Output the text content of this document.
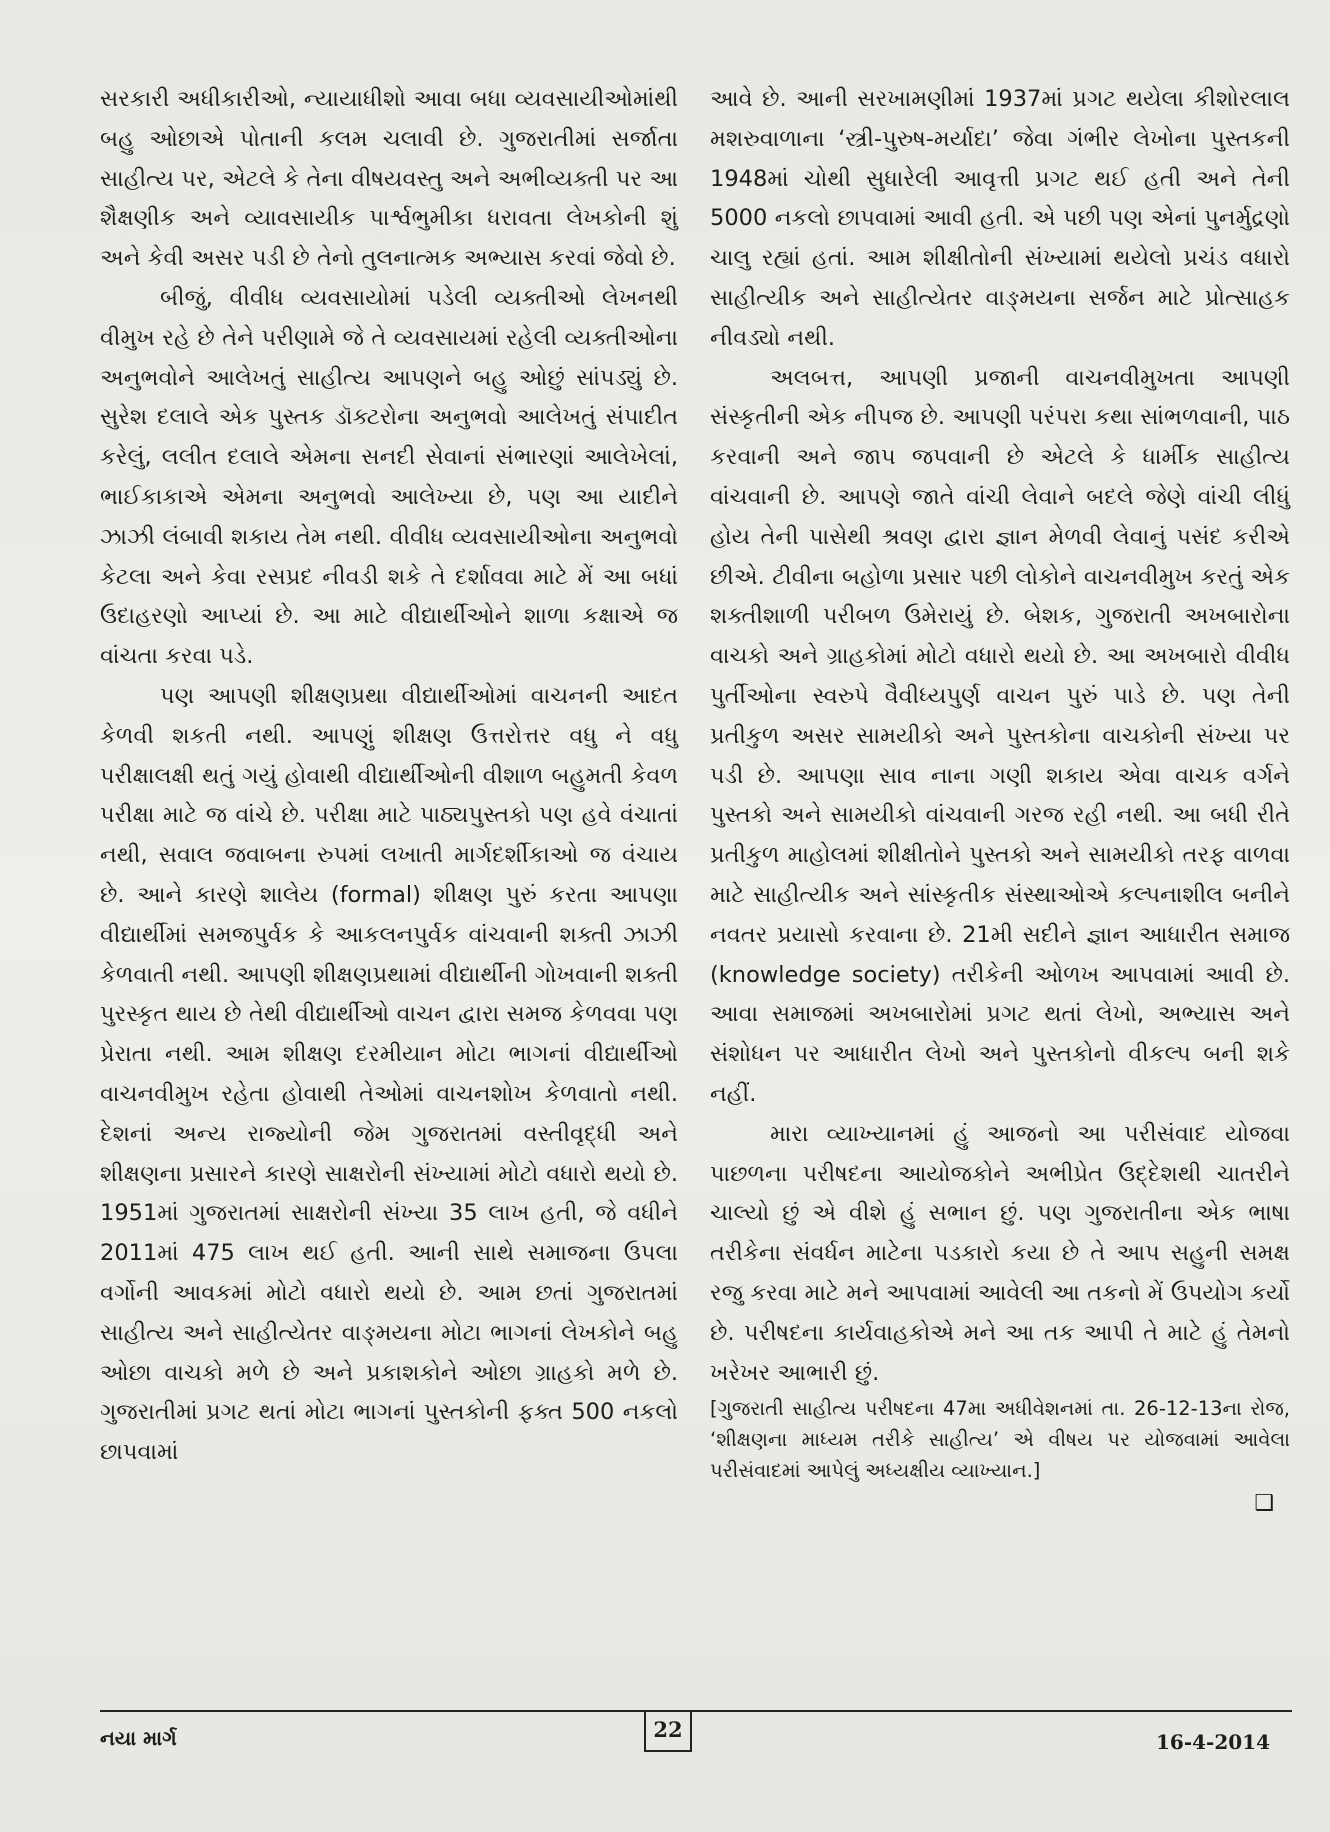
સરકારી અધીકારીઓ, ન્યાયાધીશો આવા બધા વ્યવસાયીઓમાંથી બહુ ઓછાએ પોતાની કલમ ચલાવી છે. ગુજરાતીમાં સર્જાતા સાહીત્ય પર, એટલે કે તેના વીષયવસ્તુ અને અભીવ્યક્તી પર આ શૈક્ષણીક અને વ્યાવસાયીક પાર્શ્વભુમીકા ધરાવતા લેખકોની શું અને કેવી અસર પડી છે તેનો તુલનાત્મક અભ્યાસ કરવાં જેવો છે.

બીજું, વીવીધ વ્યવસાયોમાં પડેલી વ્યક્તીઓ લેખનથી વીમુખ રહે છે તેને પરીણામે જે તે વ્યવસાયમાં રહેલી વ્યક્તીઓના અનુભવોને આલેખતું સાહીત્ય આપણને બહુ ઓછું સાંપડ્યું છે. સુરેશ દલાલે એક પુસ્તક ડૉક્ટરોના અનુભવો આલેખતું સંપાદીત કરેલું, લલીત દલાલે એમના સનદી સેવાનાં સંભારણાં આલેખેલાં, ભાઈકાકાએ એમના અનુભવો આલેખ્યા છે, પણ આ યાદીને ઝાઝી લંબાવી શકાય તેમ નથી. વીવીધ વ્યવસાયીઓના અનુભવો કેટલા અને કેવા રસપ્રદ નીવડી શકે તે દર્શાવવા માટે મેં આ બધાં ઉદાહરણો આપ્યાં છે. આ માટે વીદ્યાર્થીઓને શાળા કક્ષાએ જ વાંચતા કરવા પડે.

પણ આપણી શીક્ષણપ્રથા વીદ્યાર્થીઓમાં વાચનની આદત કેળવી શકતી નથી. આપણું શીક્ષણ ઉત્તરોત્તર વધુ ને વધુ પરીક્ષાલક્ષી થતું ગયું હોવાથી વીદ્યાર્થીઓની વીશાળ બહુમતી કેવળ પરીક્ષા માટે જ વાંચે છે. પરીક્ષા માટે પાઠ્યપુસ્તકો પણ હવે વંચાતાં નથી, સવાલ જવાબના રુપમાં લખાતી માર્ગદર્શીકાઓ જ વંચાય છે. આને કારણે શાલેય (formal) શીક્ષણ પુરું કરતા આપણા વીદ્યાર્થીમાં સમજપુર્વક કે આકલનપુર્વક વાંચવાની શક્તી ઝાઝી કેળવાતી નથી. આપણી શીક્ષણપ્રથામાં વીદ્યાર્થીની ગોખવાની શક્તી પુરસ્કૃત થાય છે તેથી વીદ્યાર્થીઓ વાચન દ્વારા સમજ કેળવવા પણ પ્રેરાતા નથી. આમ શીક્ષણ દરમીયાન મોટા ભાગનાં વીદ્યાર્થીઓ વાચનવીમુખ રહેતા હોવાથી તેઓમાં વાચનશોખ કેળવાતો નથી. દેશનાં અન્ય રાજ્યોની જેમ ગુજરાતમાં વસ્તીવૃદ્ધી અને શીક્ષણના પ્રસારને કારણે સાક્ષરોની સંખ્યામાં મોટો વધારો થયો છે. 1951માં ગુજરાતમાં સાક્ષરોની સંખ્યા 35 લાખ હતી, જે વધીને 2011માં 475 લાખ થઈ હતી. આની સાથે સમાજના ઉપલા વર્ગોની આવકમાં મોટો વધારો થયો છે. આમ છતાં ગુજરાતમાં સાહીત્ય અને સાહીત્યેતર વાઙ્મયના મોટા ભાગનાં લેખકોને બહુ ઓછા વાચકો મળે છે અને પ્રકાશકોને ઓછા ગ્રાહકો મળે છે. ગુજરાતીમાં પ્રગટ થતાં મોટા ભાગનાં પુસ્તકોની ફક્ત 500 નકલો છાપવામાં

આવે છે. આની સરખામણીમાં 1937માં પ્રગટ થયેલા કીશોરલાલ મશરુવાળાના ‘સ્ત્રી-પુરુષ-મર્યાદા’ જેવા ગંભીર લેખોના પુસ્તકની 1948માં ચોથી સુધારેલી આવૃત્તી પ્રગટ થઈ હતી અને તેની 5000 નકલો છાપવામાં આવી હતી. એ પછી પણ એનાં પુનર્મુદ્રણો ચાલુ રહ્યાં હતાં. આમ શીક્ષીતોની સંખ્યામાં થયેલો પ્રચંડ વધારો સાહીત્યીક અને સાહીત્યેતર વાઙ્મયના સર્જન માટે પ્રોત્સાહક નીવડ્યો નથી.

અલબત્ત, આપણી પ્રજાની વાચનવીમુખતા આપણી સંસ્કૃતીની એક નીપજ છે. આપણી પરંપરા કથા સાંભળવાની, પાઠ કરવાની અને જાપ જપવાની છે એટલે કે ધાર્મીક સાહીત્ય વાંચવાની છે. આપણે જાતે વાંચી લેવાને બદલે જેણે વાંચી લીધું હોય તેની પાસેથી શ્રવણ દ્વારા જ્ઞાન મેળવી લેવાનું પસંદ કરીએ છીએ. ટીવીના બહોળા પ્રસાર પછી લોકોને વાચનવીમુખ કરતું એક શક્તીશાળી પરીબળ ઉમેરાયું છે. બેશક, ગુજરાતી અખબારોના વાચકો અને ગ્રાહકોમાં મોટો વધારો થયો છે. આ અખબારો વીવીધ પુર્તીઓના સ્વરુપે વૈવીધ્યપુર્ણ વાચન પુરું પાડે છે. પણ તેની પ્રતીકુળ અસર સામયીકો અને પુસ્તકોના વાચકોની સંખ્યા પર પડી છે. આપણા સાવ નાના ગણી શકાય એવા વાચક વર્ગને પુસ્તકો અને સામયીકો વાંચવાની ગરજ રહી નથી. આ બધી રીતે પ્રતીકુળ માહોલમાં શીક્ષીતોને પુસ્તકો અને સામયીકો તરફ વાળવા માટે સાહીત્યીક અને સાંસ્કૃતીક સંસ્થાઓએ કલ્પનાશીલ બનીને નવતર પ્રયાસો કરવાના છે. 21મી સદીને જ્ઞાન આધારીત સમાજ (knowledge society) તરીકેની ઓળખ આપવામાં આવી છે. આવા સમાજમાં અખબારોમાં પ્રગટ થતાં લેખો, અભ્યાસ અને સંશોધન પર આધારીત લેખો અને પુસ્તકોનો વીકલ્પ બની શકે નહીં.

મારા વ્યાખ્યાનમાં હું આજનો આ પરીસંવાદ યોજવા પાછળના પરીષદના આયોજકોને અભીપ્રેત ઉદ્દેશથી ચાતરીને ચાલ્યો છું એ વીશે હું સભાન છું. પણ ગુજરાતીના એક ભાષા તરીકેના સંવર્ધન માટેના પડકારો કયા છે તે આપ સહુની સમક્ષ રજુ કરવા માટે મને આપવામાં આવેલી આ તકનો મેં ઉપયોગ કર્યો છે. પરીષદના કાર્યવાહકોએ મને આ તક આપી તે માટે હું તેમનો ખરેખર આભારી છું.

[ગુજરાતી સાહીત્ય પરીષદના 47મા અધીવેશનમાં તા. 26-12-13ના રોજ, ‘શીક્ષણના માધ્યમ તરીકે સાહીત્ય’ એ વીષય પર યોજવામાં આવેલા પરીસંવાદમાં આપેલું અધ્યક્ષીય વ્યાખ્યાન.]

❑
નયા માર્ગ	22	16-4-2014
